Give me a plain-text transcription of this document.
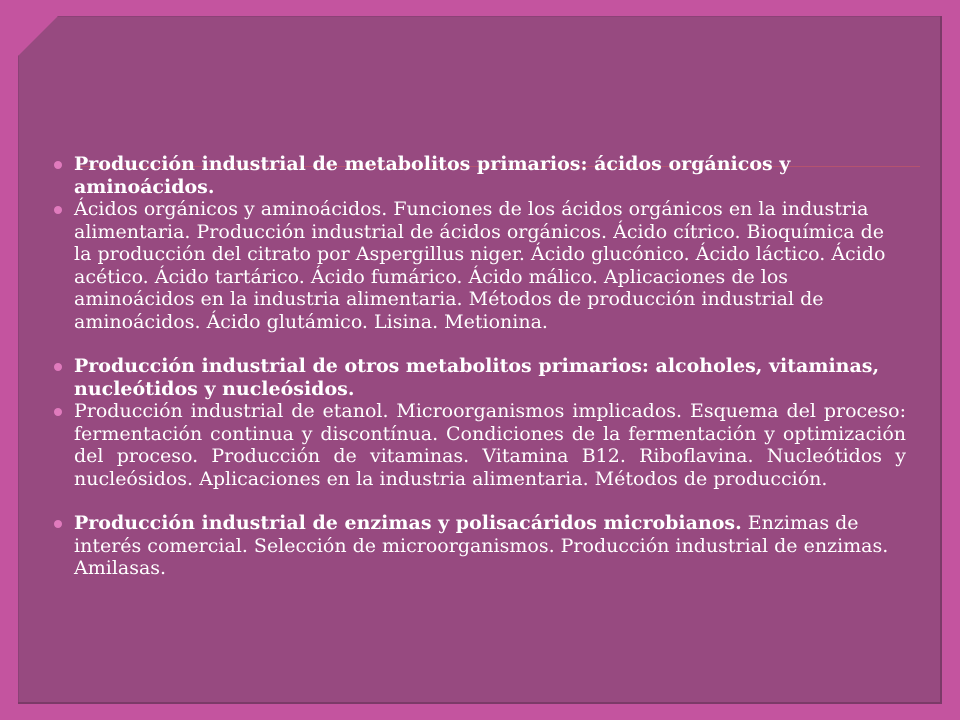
Producción industrial de metabolitos primarios: ácidos orgánicos y aminoácidos.
Ácidos orgánicos y aminoácidos. Funciones de los ácidos orgánicos en la industria alimentaria. Producción industrial de ácidos orgánicos. Ácido cítrico. Bioquímica de la producción del citrato por Aspergillus niger. Ácido glucónico. Ácido láctico. Ácido acético. Ácido tartárico. Ácido fumárico. Ácido málico. Aplicaciones de los aminoácidos en la industria alimentaria. Métodos de producción industrial de aminoácidos. Ácido glutámico. Lisina. Metionina.
Producción industrial de otros metabolitos primarios: alcoholes, vitaminas, nucleótidos y nucleósidos.
Producción industrial de etanol. Microorganismos implicados. Esquema del proceso: fermentación continua y discontínua. Condiciones de la fermentación y optimización del proceso. Producción de vitaminas. Vitamina B12. Riboflavina. Nucleótidos y nucleósidos. Aplicaciones en la industria alimentaria. Métodos de producción.
Producción industrial de enzimas y polisacáridos microbianos. Enzimas de interés comercial. Selección de microorganismos. Producción industrial de enzimas. Amilasas.
